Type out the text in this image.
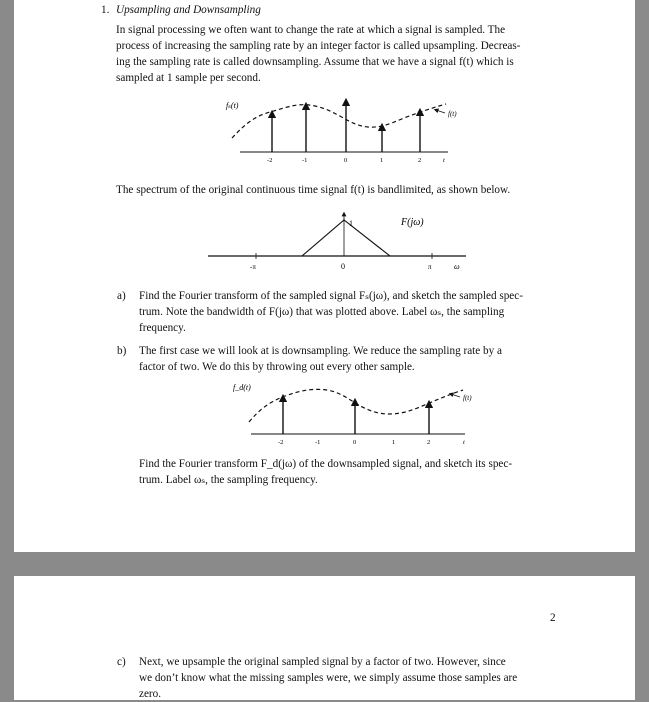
1. Upsampling and Downsampling
In signal processing we often want to change the rate at which a signal is sampled. The
process of increasing the sampling rate by an integer factor is called upsampling. Decreas-
ing the sampling rate is called downsampling. Assume that we have a signal f(t) which is
sampled at 1 sample per second.
fₛ(t)
f(t)
-2	-1	0	1	2	t
The spectrum of the original continuous time signal f(t) is bandlimited, as shown below.
F(jω)
1
-π	0	π	ω
a) Find the Fourier transform of the sampled signal Fₛ(jω), and sketch the sampled spec-
trum. Note the bandwidth of F(jω) that was plotted above. Label ωₛ, the sampling
frequency.
b) The first case we will look at is downsampling. We reduce the sampling rate by a
factor of two. We do this by throwing out every other sample.
f_d(t)
f(t)
-2	-1	0	1	2	t
Find the Fourier transform F_d(jω) of the downsampled signal, and sketch its spec-
trum. Label ωₛ, the sampling frequency.
2
c) Next, we upsample the original sampled signal by a factor of two. However, since
we don’t know what the missing samples were, we simply assume those samples are
zero.
